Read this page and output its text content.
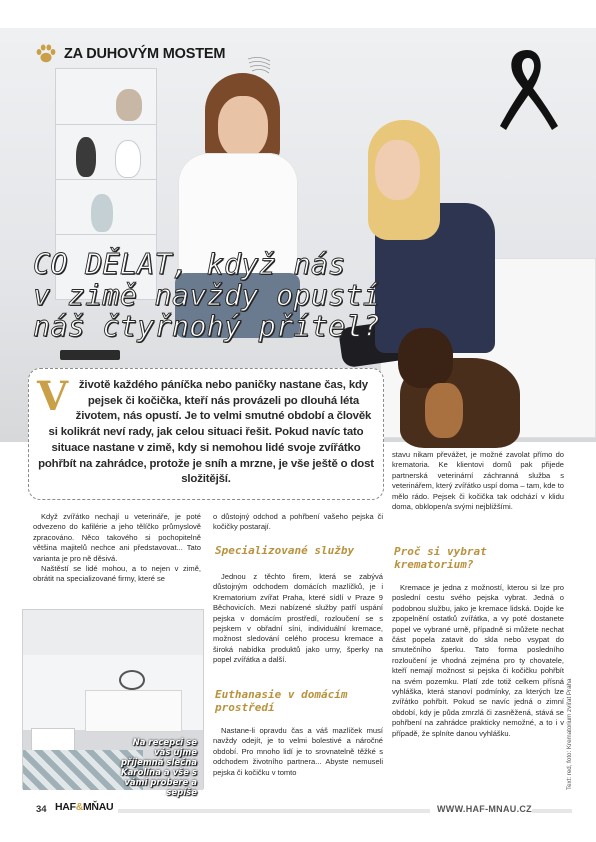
ZA DUHOVÝM MOSTEM
CO DĚLAT, když nás
v zimě navždy opustí
náš čtyřnohý přítel?

V životě každého páníčka nebo paničky nastane čas, kdy pejsek či kočička, kteří nás provázeli po dlouhá léta životem, nás opustí. Je to velmi smutné období a člověk si kolikrát neví rady, jak celou situaci řešit. Pokud navíc tato situace nastane v zimě, kdy si nemohou lidé svoje zvířátko pohřbít na zahrádce, protože je sníh a mrzne, je vše ještě o dost složitější.

Když zvířátko nechají u veterináře, je poté odvezeno do kafilérie a jeho tělíčko průmyslově zpracováno. Něco takového si pochopitelně většina majitelů nechce ani představovat... Tato varianta je pro ně děsivá.

Naštěstí se lidé mohou, a to nejen v zimě, obrátit na specializované firmy, které se

Na recepci se vás ujme příjemná slečna Karolína a vše s vámi probere a sepíše

o důstojný odchod a pohřbení vašeho pejska či kočičky postarají.

Specializované služby

Jednou z těchto firem, která se zabývá důstojným odchodem domácích mazlíčků, je i Krematorium zvířat Praha, které sídlí v Praze 9 Běchovicích. Mezi nabízené služby patří uspání pejska v domácím prostředí, rozloučení se s pejskem v obřadní síni, individuální kremace, možnost sledování celého procesu kremace a široká nabídka produktů jako urny, šperky na popel zvířátka a další.

Euthanasie v domácím prostředí

Nastane-li opravdu čas a váš mazlíček musí navždy odejít, je to velmi bolestivé a náročné období. Pro mnoho lidí je to srovnatelně těžké s odchodem životního partnera... Abyste nemuseli pejska či kočičku v tomto

stavu nikam převážet, je možné zavolat přímo do krematoria. Ke klientovi domů pak přijede partnerská veterinární záchranná služba s veterinářem, který zvířátko uspí doma – tam, kde to mělo rádo. Pejsek či kočička tak odchází v klidu doma, obklopen/a svými nejbližšími.

Proč si vybrat krematorium?

Kremace je jedna z možností, kterou si lze pro poslední cestu svého pejska vybrat. Jedná o podobnou službu, jako je kremace lidská. Dojde ke zpopelnění ostatků zvířátka, a vy poté dostanete popel ve vybrané urně, případně si můžete nechat část popela zatavit do skla nebo vsypat do smutečního šperku. Tato forma posledního rozloučení je vhodná zejména pro ty chovatele, kteří nemají možnost si pejska či kočičku pohřbít na svém pozemku. Platí zde totiž celkem přísná vyhláška, která stanoví podmínky, za kterých lze zvířátko pohřbít. Pokud se navíc jedná o zimní období, kdy je půda zmrzlá či zasněžená, stává se pohřbení na zahrádce prakticky nemožné, a to i v případě, že splníte danou vyhlášku.	Text: red, foto: Krematorium zvířat Praha
34 HAF&MŇAU	WWW.HAF-MNAU.CZ
